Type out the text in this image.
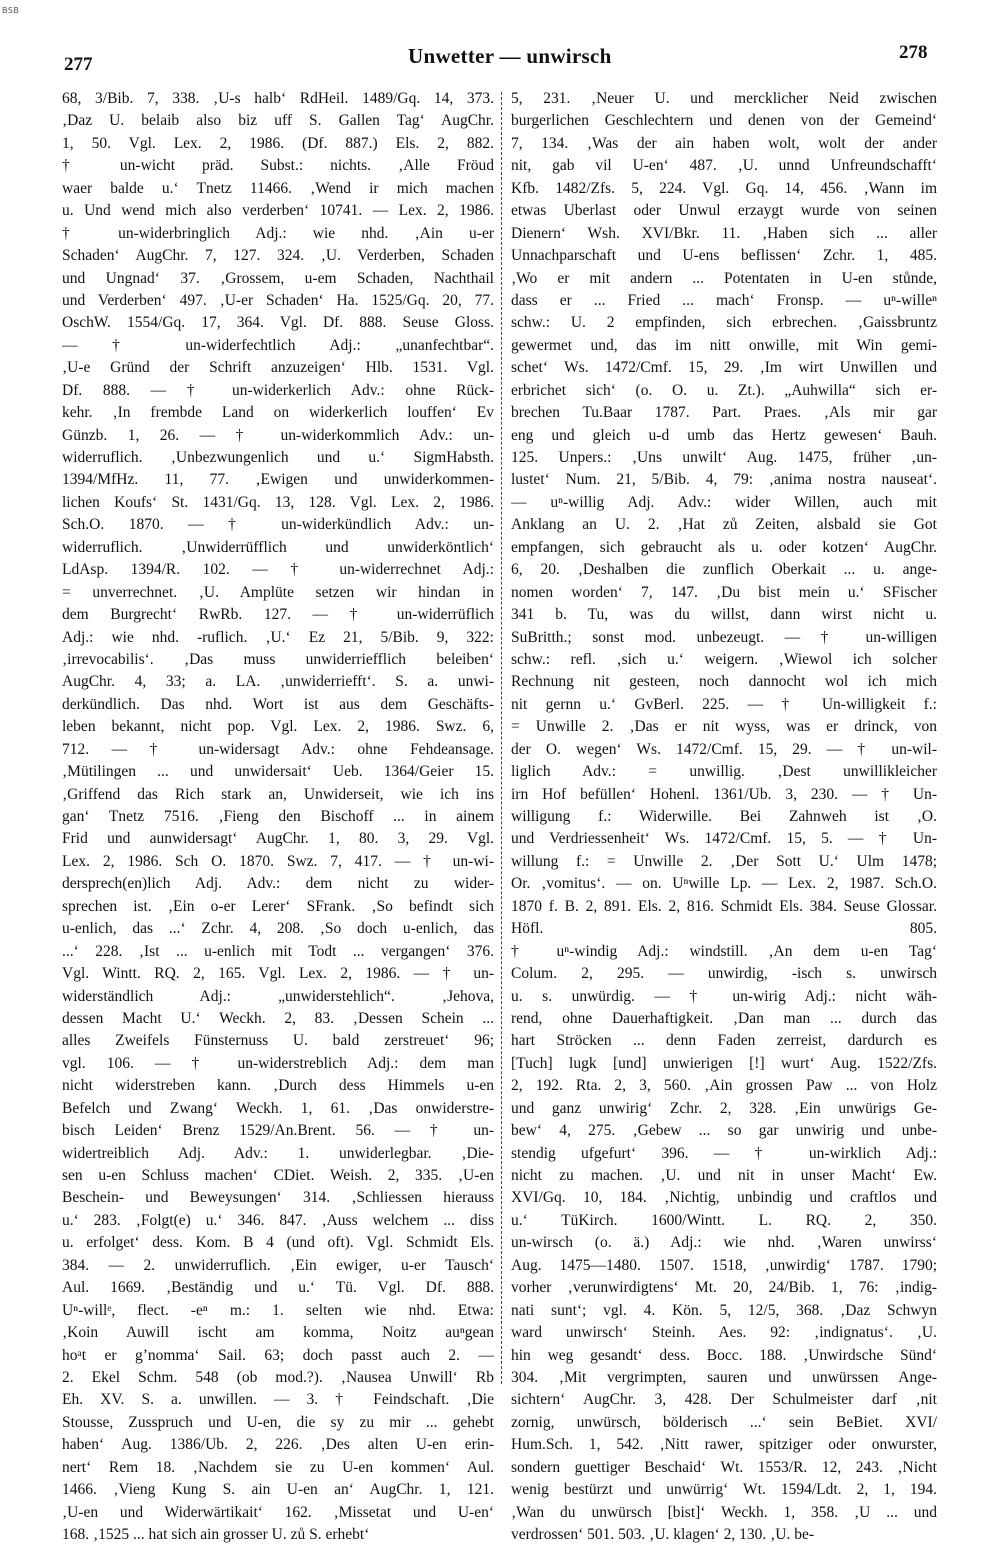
BSB
277	Unwetter — unwirsch	278
68, 3/Bib. 7, 338. ‚U-s halb‘ RdHeil. 1489/Gq. 14, 373.
‚Daz U. belaib also biz uff S. Gallen Tag‘ AugChr.
1, 50. Vgl. Lex. 2, 1986. (Df. 887.) Els. 2, 882.
† un-wicht präd. Subst.: nichts. ‚Alle Fröud
waer balde u.‘ Tnetz 11466. ‚Wend ir mich machen
u. Und wend mich also verderben‘ 10741. — Lex. 2, 1986.
† un-widerbringlich Adj.: wie nhd. ‚Ain u-er
Schaden‘ AugChr. 7, 127. 324. ‚U. Verderben, Schaden
und Ungnad‘ 37. ‚Grossem, u-em Schaden, Nachthail
und Verderben‘ 497. ‚U-er Schaden‘ Ha. 1525/Gq. 20, 77.
OschW. 1554/Gq. 17, 364. Vgl. Df. 888. Seuse Gloss.
— † un-widerfechtlich Adj.: „unanfechtbar“.
‚U-e Gründ der Schrift anzuzeigen‘ Hlb. 1531. Vgl.
Df. 888. — † un-widerkerlich Adv.: ohne Rück-
kehr. ‚In frembde Land on widerkerlich louffen‘ Ev
Günzb. 1, 26. — † un-widerkommlich Adv.: un-
widerruflich. ‚Unbezwungenlich und u.‘ SigmHabsth.
1394/MfHz. 11, 77. ‚Ewigen und unwiderkommen-
lichen Koufs‘ St. 1431/Gq. 13, 128. Vgl. Lex. 2, 1986.
Sch.O. 1870. — † un-widerkündlich Adv.: un-
widerruflich. ‚Unwiderrüfflich und unwiderköntlich‘
LdAsp. 1394/R. 102. — † un-widerrechnet Adj.:
= unverrechnet. ‚U. Amplüte setzen wir hindan in
dem Burgrecht‘ RwRb. 127. — † un-widerrüflich
Adj.: wie nhd. -ruflich. ‚U.‘ Ez 21, 5/Bib. 9, 322:
‚irrevocabilis‘. ‚Das muss unwiderriefflich beleiben‘
AugChr. 4, 33; a. LA. ‚unwiderriefft‘. S. a. unwi-
derkündlich. Das nhd. Wort ist aus dem Geschäfts-
leben bekannt, nicht pop. Vgl. Lex. 2, 1986. Swz. 6,
712. — † un-widersagt Adv.: ohne Fehdeansage.
‚Mütilingen ... und unwidersait‘ Ueb. 1364/Geier 15.
‚Griffend das Rich stark an, Unwiderseit, wie ich ins
gan‘ Tnetz 7516. ‚Fieng den Bischoff ... in ainem
Frid und aunwidersagt‘ AugChr. 1, 80. 3, 29. Vgl.
Lex. 2, 1986. Sch O. 1870. Swz. 7, 417. — † un-wi-
dersprech(en)lich Adj. Adv.: dem nicht zu wider-
sprechen ist. ‚Ein o-er Lerer‘ SFrank. ‚So befindt sich
u-enlich, das ...‘ Zchr. 4, 208. ‚So doch u-enlich, das
...‘ 228. ‚Ist ... u-enlich mit Todt ... vergangen‘ 376.
Vgl. Wintt. RQ. 2, 165. Vgl. Lex. 2, 1986. — † un-
widerständlich Adj.: „unwiderstehlich“. ‚Jehova,
dessen Macht U.‘ Weckh. 2, 83. ‚Dessen Schein ...
alles Zweifels Fünsternuss U. bald zerstreuet‘ 96;
vgl. 106. — † un-widerstreblich Adj.: dem man
nicht widerstreben kann. ‚Durch dess Himmels u-en
Befelch und Zwang‘ Weckh. 1, 61. ‚Das onwiderstre-
bisch Leiden‘ Brenz 1529/An.Brent. 56. — † un-
widertreiblich Adj. Adv.: 1. unwiderlegbar. ‚Die-
sen u-en Schluss machen‘ CDiet. Weish. 2, 335. ‚U-en
Beschein- und Beweysungen‘ 314. ‚Schliessen hierauss
u.‘ 283. ‚Folgt(e) u.‘ 346. 847. ‚Auss welchem ... diss
u. erfolget‘ dess. Kom. B 4 (und oft). Vgl. Schmidt Els.
384. — 2. unwiderruflich. ‚Ein ewiger, u-er Tausch‘
Aul. 1669. ‚Beständig und u.‘ Tü. Vgl. Df. 888.
Uⁿ-willᵉ, flect. -eⁿ m.: 1. selten wie nhd. Etwa:
‚Koin Auwill ischt am komma, Noitz auⁿgean
hoᵃt er g’nomma‘ Sail. 63; doch passt auch 2. —
2. Ekel Schm. 548 (ob mod.?). ‚Nausea Unwill‘ Rb
Eh. XV. S. a. unwillen. — 3. † Feindschaft. ‚Die
Stousse, Zusspruch und U-en, die sy zu mir ... gehebt
haben‘ Aug. 1386/Ub. 2, 226. ‚Des alten U-en erin-
nert‘ Rem 18. ‚Nachdem sie zu U-en kommen‘ Aul.
1466. ‚Vieng Kung S. ain U-en an‘ AugChr. 1, 121.
‚U-en und Widerwärtikait‘ 162. ‚Missetat und U-en‘
168. ‚1525 ... hat sich ain grosser U. zů S. erhebt‘
5, 231. ‚Neuer U. und mercklicher Neid zwischen
burgerlichen Geschlechtern und denen von der Gemeind‘
7, 134. ‚Was der ain haben wolt, wolt der ander
nit, gab vil U-en‘ 487. ‚U. unnd Unfreundschafft‘
Kfb. 1482/Zfs. 5, 224. Vgl. Gq. 14, 456. ‚Wann im
etwas Uberlast oder Unwul erzaygt wurde von seinen
Dienern‘ Wsh. XVI/Bkr. 11. ‚Haben sich ... aller
Unnachparschaft und U-ens beflissen‘ Zchr. 1, 485.
‚Wo er mit andern ... Potentaten in U-en stůnde,
dass er ... Fried ... mach‘ Fronsp. — uⁿ-willeⁿ
schw.: U. 2 empfinden, sich erbrechen. ‚Gaissbruntz
gewermet und, das im nitt onwille, mit Win gemi-
schet‘ Ws. 1472/Cmf. 15, 29. ‚Im wirt Unwillen und
erbrichet sich‘ (o. O. u. Zt.). „Auhwilla“ sich er-
brechen Tu.Baar 1787. Part. Praes. ‚Als mir gar
eng und gleich u-d umb das Hertz gewesen‘ Bauh.
125. Unpers.: ‚Uns unwilt‘ Aug. 1475, früher ‚un-
lustet‘ Num. 21, 5/Bib. 4, 79: ‚anima nostra nauseat‘.
— uⁿ-willig Adj. Adv.: wider Willen, auch mit
Anklang an U. 2. ‚Hat zů Zeiten, alsbald sie Got
empfangen, sich gebraucht als u. oder kotzen‘ AugChr.
6, 20. ‚Deshalben die zunflich Oberkait ... u. ange-
nomen worden‘ 7, 147. ‚Du bist mein u.‘ SFischer
341 b. Tu, was du willst, dann wirst nicht u.
SuBritth.; sonst mod. unbezeugt. — † un-willigen
schw.: refl. ‚sich u.‘ weigern. ‚Wiewol ich solcher
Rechnung nit gesteen, noch dannocht wol ich mich
nit gernn u.‘ GvBerl. 225. — † Un-willigkeit f.:
= Unwille 2. ‚Das er nit wyss, was er drinck, von
der O. wegen‘ Ws. 1472/Cmf. 15, 29. — † un-wil-
liglich Adv.: = unwillig. ‚Dest unwillikleicher
irn Hof befüllen‘ Hohenl. 1361/Ub. 3, 230. — † Un-
willigung f.: Widerwille. Bei Zahnweh ist ‚O.
und Verdriessenheit‘ Ws. 1472/Cmf. 15, 5. — † Un-
willung f.: = Unwille 2. ‚Der Sott U.‘ Ulm 1478;
Or. ‚vomitus‘. — on. Uⁿwille Lp. — Lex. 2, 1987. Sch.O.
1870 f. B. 2, 891. Els. 2, 816. Schmidt Els. 384. Seuse Glossar.
Höfl. 805.
† uⁿ-windig Adj.: windstill. ‚An dem u-en Tag‘
Colum. 2, 295. — unwirdig, -isch s. unwirsch
u. s. unwürdig. — † un-wirig Adj.: nicht wäh-
rend, ohne Dauerhaftigkeit. ‚Dan man ... durch das
hart Ströcken ... denn Faden zerreist, dardurch es
[Tuch] lugk [und] unwierigen [!] wurt‘ Aug. 1522/Zfs.
2, 192. Rta. 2, 3, 560. ‚Ain grossen Paw ... von Holz
und ganz unwirig‘ Zchr. 2, 328. ‚Ein unwürigs Ge-
bew‘ 4, 275. ‚Gebew ... so gar unwirig und unbe-
stendig ufgefurt‘ 396. — † un-wirklich Adj.:
nicht zu machen. ‚U. und nit in unser Macht‘ Ew.
XVI/Gq. 10, 184. ‚Nichtig, unbindig und craftlos und
u.‘ TüKirch. 1600/Wintt. L. RQ. 2, 350.
un-wirsch (o. ä.) Adj.: wie nhd. ‚Waren unwirss‘
Aug. 1475—1480. 1507. 1518, ‚unwirdig‘ 1787. 1790;
vorher ‚verunwirdigtens‘ Mt. 20, 24/Bib. 1, 76: ‚indig-
nati sunt‘; vgl. 4. Kön. 5, 12/5, 368. ‚Daz Schwyn
ward unwirsch‘ Steinh. Aes. 92: ‚indignatus‘. ‚U.
hin weg gesandt‘ dess. Bocc. 188. ‚Unwirdsche Sünd‘
304. ‚Mit vergrimpten, sauren und unwürssen Ange-
sichtern‘ AugChr. 3, 428. Der Schulmeister darf ‚nit
zornig, unwürsch, bölderisch ...‘ sein BeBiet. XVI/
Hum.Sch. 1, 542. ‚Nitt rawer, spitziger oder onwurster,
sondern guettiger Beschaid‘ Wt. 1553/R. 12, 243. ‚Nicht
wenig bestürzt und unwürrig‘ Wt. 1594/Ldt. 2, 1, 194.
‚Wan du unwürsch [bist]‘ Weckh. 1, 358. ‚U ... und
verdrossen‘ 501. 503. ‚U. klagen‘ 2, 130. ‚U. be-
